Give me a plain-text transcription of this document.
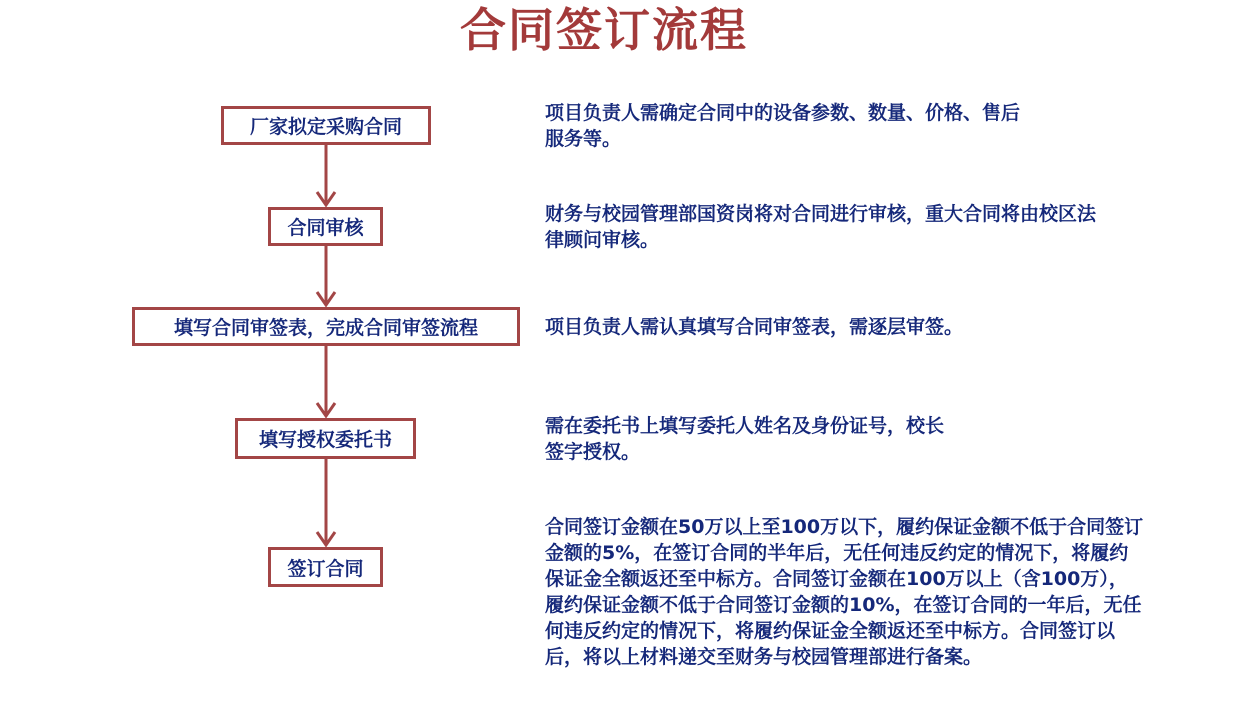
合同签订流程
厂家拟定采购合同
合同审核
填写合同审签表，完成合同审签流程
填写授权委托书
签订合同
项目负责人需确定合同中的设备参数、数量、价格、售后
服务等。
财务与校园管理部国资岗将对合同进行审核，重大合同将由校区法
律顾问审核。
项目负责人需认真填写合同审签表，需逐层审签。
需在委托书上填写委托人姓名及身份证号，校长
签字授权。
合同签订金额在50万以上至100万以下，履约保证金额不低于合同签订
金额的5%，在签订合同的半年后，无任何违反约定的情况下，将履约
保证金全额返还至中标方。合同签订金额在100万以上（含100万），
履约保证金额不低于合同签订金额的10%，在签订合同的一年后，无任
何违反约定的情况下，将履约保证金全额返还至中标方。合同签订以
后，将以上材料递交至财务与校园管理部进行备案。
